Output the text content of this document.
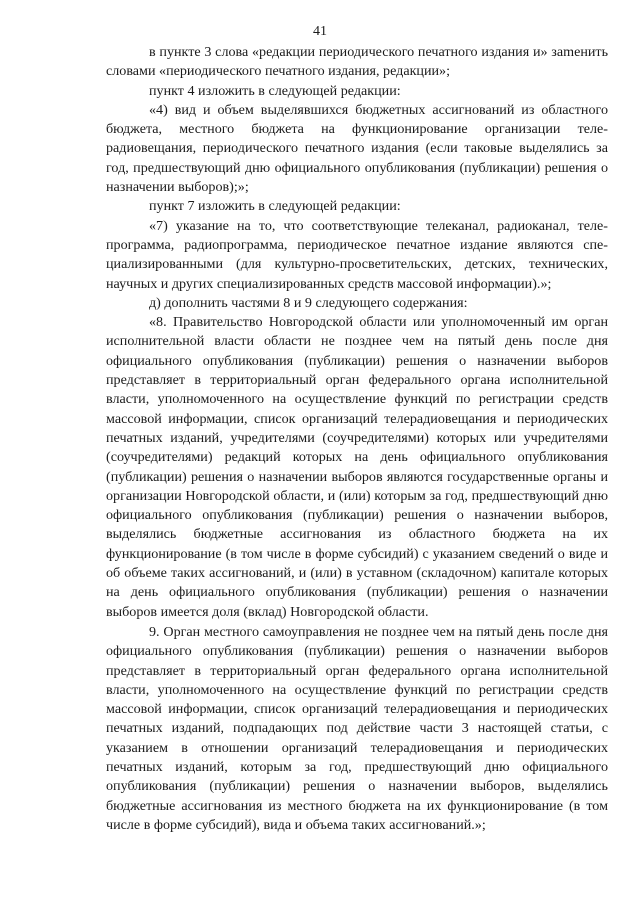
41

в пункте 3 слова «редакции периодического печатного издания и» заmенить словами «периодического печатного издания, редакции»;

пункт 4 изложить в следующей редакции:

«4) вид и объем выделявшихся бюджетных ассигнований из областного бюджета, местного бюджета на функционирование организации телерадиовещания, периодического печатного издания (если таковые выделялись за год, предшествующий дню официального опубликования (публикации) решения о назначении выборов);»;

пункт 7 изложить в следующей редакции:

«7) указание на то, что соответствующие телеканал, радиоканал, телепрограмма, радиопрограмма, периодическое печатное издание являются специализированными (для культурно-просветительских, детских, технических, научных и других специализированных средств массовой информации).»;

д) дополнить частями 8 и 9 следующего содержания:

«8. Правительство Новгородской области или уполномоченный им орган исполнительной власти области не позднее чем на пятый день после дня официального опубликования (публикации) решения о назначении выборов представляет в территориальный орган федерального органа исполнительной власти, уполномоченного на осуществление функций по регистрации средств массовой информации, список организаций телерадиовещания и периодических печатных изданий, учредителями (соучредителями) которых или учредителями (соучредителями) редакций которых на день официального опубликования (публикации) решения о назначении выборов являются государственные органы и организации Новгородской области, и (или) которым за год, предшествующий дню официального опубликования (публикации) решения о назначении выборов, выделялись бюджетные ассигнования из областного бюджета на их функционирование (в том числе в форме субсидий) с указанием сведений о виде и об объеме таких ассигнований, и (или) в уставном (складочном) капитале которых на день официального опубликования (публикации) решения о назначении выборов имеется доля (вклад) Новгородской области.

9. Орган местного самоуправления не позднее чем на пятый день после дня официального опубликования (публикации) решения о назначении выборов представляет в территориальный орган федерального органа исполнительной власти, уполномоченного на осуществление функций по регистрации средств массовой информации, список организаций телерадиовещания и периодических печатных изданий, подпадающих под действие части 3 настоящей статьи, с указанием в отношении организаций телерадиовещания и периодических печатных изданий, которым за год, предшествующий дню официального опубликования (публикации) решения о назначении выборов, выделялись бюджетные ассигнования из местного бюджета на их функционирование (в том числе в форме субсидий), вида и объема таких ассигнований.»;
